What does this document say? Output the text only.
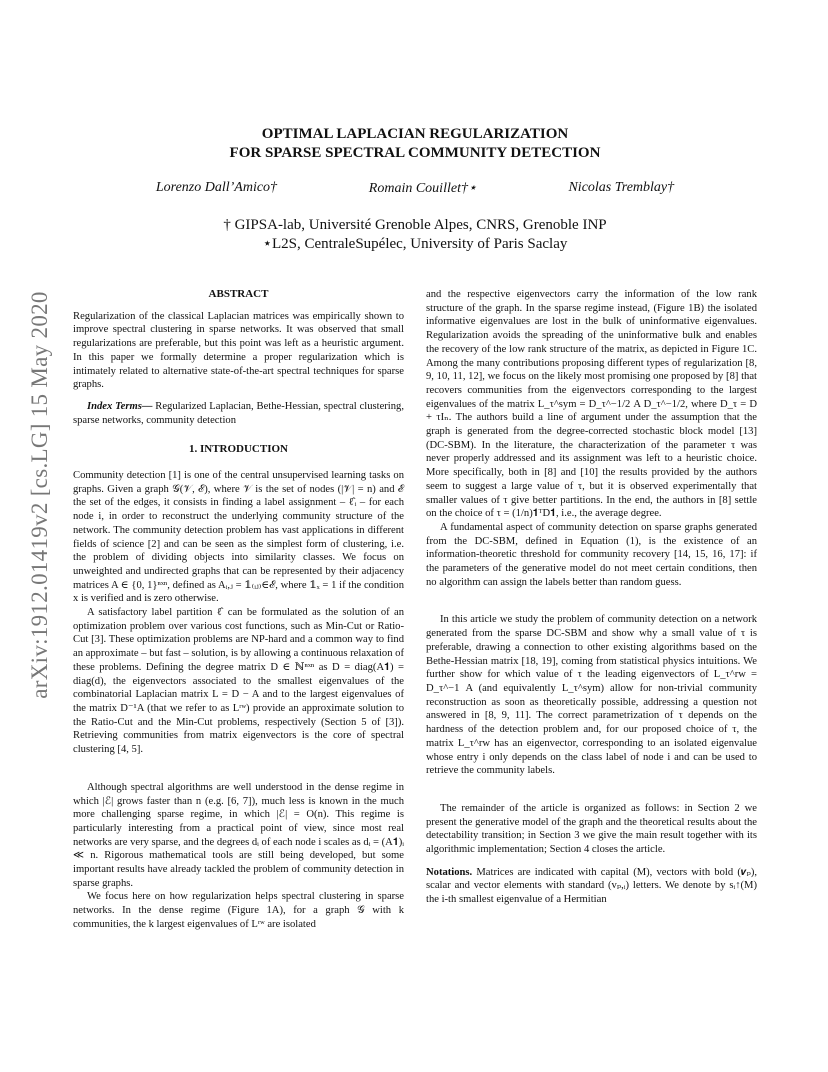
arXiv:1912.01419v2 [cs.LG] 15 May 2020
OPTIMAL LAPLACIAN REGULARIZATION
FOR SPARSE SPECTRAL COMMUNITY DETECTION
Lorenzo Dall’Amico†	Romain Couillet†⋆	Nicolas Tremblay†
† GIPSA-lab, Université Grenoble Alpes, CNRS, Grenoble INP
⋆L2S, CentraleSupélec, University of Paris Saclay
ABSTRACT

Regularization of the classical Laplacian matrices was empirically shown to improve spectral clustering in sparse networks. It was observed that small regularizations are preferable, but this point was left as a heuristic argument. In this paper we formally determine a proper regularization which is intimately related to alternative state-of-the-art spectral techniques for sparse graphs.

Index Terms— Regularized Laplacian, Bethe-Hessian, spectral clustering, sparse networks, community detection

1. INTRODUCTION

Community detection [1] is one of the central unsupervised learning tasks on graphs. Given a graph 𝒢(𝒱, ℰ), where 𝒱 is the set of nodes (|𝒱| = n) and ℰ the set of the edges, it consists in finding a label assignment – ℓ̂ᵢ – for each node i, in order to reconstruct the underlying community structure of the network. The community detection problem has vast applications in different fields of science [2] and can be seen as the simplest form of clustering, i.e. the problem of dividing objects into similarity classes. We focus on unweighted and undirected graphs that can be represented by their adjacency matrices A ∈ {0, 1}ⁿˣⁿ, defined as Aᵢ,ⱼ = 𝟙₍ᵢⱼ₎∈ℰ, where 𝟙ₓ = 1 if the condition x is verified and is zero otherwise.

A satisfactory label partition ℓ̂ can be formulated as the solution of an optimization problem over various cost functions, such as Min-Cut or Ratio-Cut [3]. These optimization problems are NP-hard and a common way to find an approximate – but fast – solution, is by allowing a continuous relaxation of these problems. Defining the degree matrix D ∈ ℕⁿˣⁿ as D = diag(A𝟏) = diag(d), the eigenvectors associated to the smallest eigenvalues of the combinatorial Laplacian matrix L = D − A and to the largest eigenvalues of the matrix D⁻¹A (that we refer to as Lʳʷ) provide an approximate solution to the Ratio-Cut and the Min-Cut problems, respectively (Section 5 of [3]). Retrieving communities from matrix eigenvectors is the core of spectral clustering [4, 5].

Although spectral algorithms are well understood in the dense regime in which |ℰ| grows faster than n (e.g. [6, 7]), much less is known in the much more challenging sparse regime, in which |ℰ| = O(n). This regime is particularly interesting from a practical point of view, since most real networks are very sparse, and the degrees dᵢ of each node i scales as dᵢ = (A𝟏)ᵢ ≪ n. Rigorous mathematical tools are still being developed, but some important results have already tackled the problem of community detection in sparse graphs.

We focus here on how regularization helps spectral clustering in sparse networks. In the dense regime (Figure 1A), for a graph 𝒢 with k communities, the k largest eigenvalues of Lʳʷ are isolated

and the respective eigenvectors carry the information of the low rank structure of the graph. In the sparse regime instead, (Figure 1B) the isolated informative eigenvalues are lost in the bulk of uninformative eigenvalues. Regularization avoids the spreading of the uninformative bulk and enables the recovery of the low rank structure of the matrix, as depicted in Figure 1C. Among the many contributions proposing different types of regularization [8, 9, 10, 11, 12], we focus on the likely most promising one proposed by [8] that recovers communities from the eigenvectors corresponding to the largest eigenvalues of the matrix L_τ^sym = D_τ^−1/2 A D_τ^−1/2, where D_τ = D + τIₙ. The authors build a line of argument under the assumption that the graph is generated from the degree-corrected stochastic block model [13] (DC-SBM). In the literature, the characterization of the parameter τ was never properly addressed and its assignment was left to a heuristic choice. More specifically, both in [8] and [10] the results provided by the authors seem to suggest a large value of τ, but it is observed experimentally that smaller values of τ give better partitions. In the end, the authors in [8] settle on the choice of τ = (1/n)𝟏ᵀD𝟏, i.e., the average degree.

A fundamental aspect of community detection on sparse graphs generated from the DC-SBM, defined in Equation (1), is the existence of an information-theoretic threshold for community recovery [14, 15, 16, 17]: if the parameters of the generative model do not meet certain conditions, then no algorithm can assign the labels better than random guess.

In this article we study the problem of community detection on a network generated from the sparse DC-SBM and show why a small value of τ is preferable, drawing a connection to other existing algorithms based on the Bethe-Hessian matrix [18, 19], coming from statistical physics intuitions. We further show for which value of τ the leading eigenvectors of L_τ^rw = D_τ^−1 A (and equivalently L_τ^sym) allow for non-trivial community reconstruction as soon as theoretically possible, addressing a question not answered in [8, 9, 11]. The correct parametrization of τ depends on the hardness of the detection problem and, for our proposed choice of τ, the matrix L_τ^rw has an eigenvector, corresponding to an isolated eigenvalue whose entry i only depends on the class label of node i and can be used to retrieve the community labels.

The remainder of the article is organized as follows: in Section 2 we present the generative model of the graph and the theoretical results about the detectability transition; in Section 3 we give the main result together with its algorithmic implementation; Section 4 closes the article.

Notations. Matrices are indicated with capital (M), vectors with bold (𝒗ₚ), scalar and vector elements with standard (vₚ,ᵢ) letters. We denote by sᵢ↑(M) the i-th smallest eigenvalue of a Hermitian
